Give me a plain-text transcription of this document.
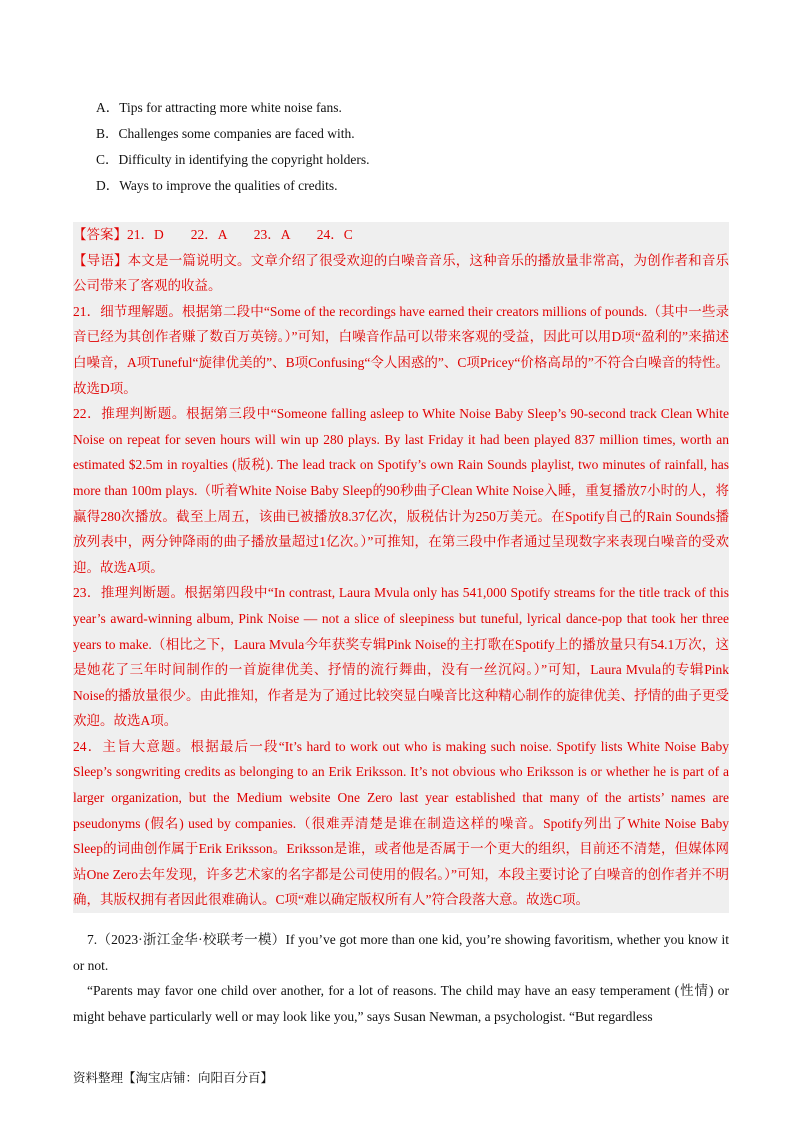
A．Tips for attracting more white noise fans.
B．Challenges some companies are faced with.
C．Difficulty in identifying the copyright holders.
D．Ways to improve the qualities of credits.

【答案】21．D　　22．A　　23．A　　24．C

【导语】本文是一篇说明文。文章介绍了很受欢迎的白噪音音乐，这种音乐的播放量非常高，为创作者和音乐公司带来了客观的收益。

21．细节理解题。根据第二段中“Some of the recordings have earned their creators millions of pounds.（其中一些录音已经为其创作者赚了数百万英镑。）”可知，白噪音作品可以带来客观的受益，因此可以用D项“盈利的”来描述白噪音，A项Tuneful“旋律优美的”、B项Confusing“令人困惑的”、C项Pricey“价格高昂的”不符合白噪音的特性。故选D项。

22．推理判断题。根据第三段中“Someone falling asleep to White Noise Baby Sleep’s 90-second track Clean White Noise on repeat for seven hours will win up 280 plays. By last Friday it had been played 837 million times, worth an estimated $2.5m in royalties (版税). The lead track on Spotify’s own Rain Sounds playlist, two minutes of rainfall, has more than 100m plays.（听着White Noise Baby Sleep的90秒曲子Clean White Noise入睡，重复播放7小时的人，将赢得280次播放。截至上周五，该曲已被播放8.37亿次，版税估计为250万美元。在Spotify自己的Rain Sounds播放列表中，两分钟降雨的曲子播放量超过1亿次。）”可推知，在第三段中作者通过呈现数字来表现白噪音的受欢迎。故选A项。

23．推理判断题。根据第四段中“In contrast, Laura Mvula only has 541,000 Spotify streams for the title track of this year’s award-winning album, Pink Noise — not a slice of sleepiness but tuneful, lyrical dance-pop that took her three years to make.（相比之下，Laura Mvula今年获奖专辑Pink Noise的主打歌在Spotify上的播放量只有54.1万次，这是她花了三年时间制作的一首旋律优美、抒情的流行舞曲，没有一丝沉闷。）”可知，Laura Mvula的专辑Pink Noise的播放量很少。由此推知，作者是为了通过比较突显白噪音比这种精心制作的旋律优美、抒情的曲子更受欢迎。故选A项。

24．主旨大意题。根据最后一段“It’s hard to work out who is making such noise. Spotify lists White Noise Baby Sleep’s songwriting credits as belonging to an Erik Eriksson. It’s not obvious who Eriksson is or whether he is part of a larger organization, but the Medium website One Zero last year established that many of the artists’ names are pseudonyms (假名) used by companies.（很难弄清楚是谁在制造这样的噪音。Spotify列出了White Noise Baby Sleep的词曲创作属于Erik Eriksson。Eriksson是谁，或者他是否属于一个更大的组织，目前还不清楚，但媒体网站One Zero去年发现，许多艺术家的名字都是公司使用的假名。）”可知，本段主要讨论了白噪音的创作者并不明确，其版权拥有者因此很难确认。C项“难以确定版权所有人”符合段落大意。故选C项。

7.（2023·浙江金华·校联考一模）If you’ve got more than one kid, you’re showing favoritism, whether you know it or not.

“Parents may favor one child over another, for a lot of reasons. The child may have an easy temperament (性情) or might behave particularly well or may look like you,” says Susan Newman, a psychologist. “But regardless

资料整理【淘宝店铺：向阳百分百】
